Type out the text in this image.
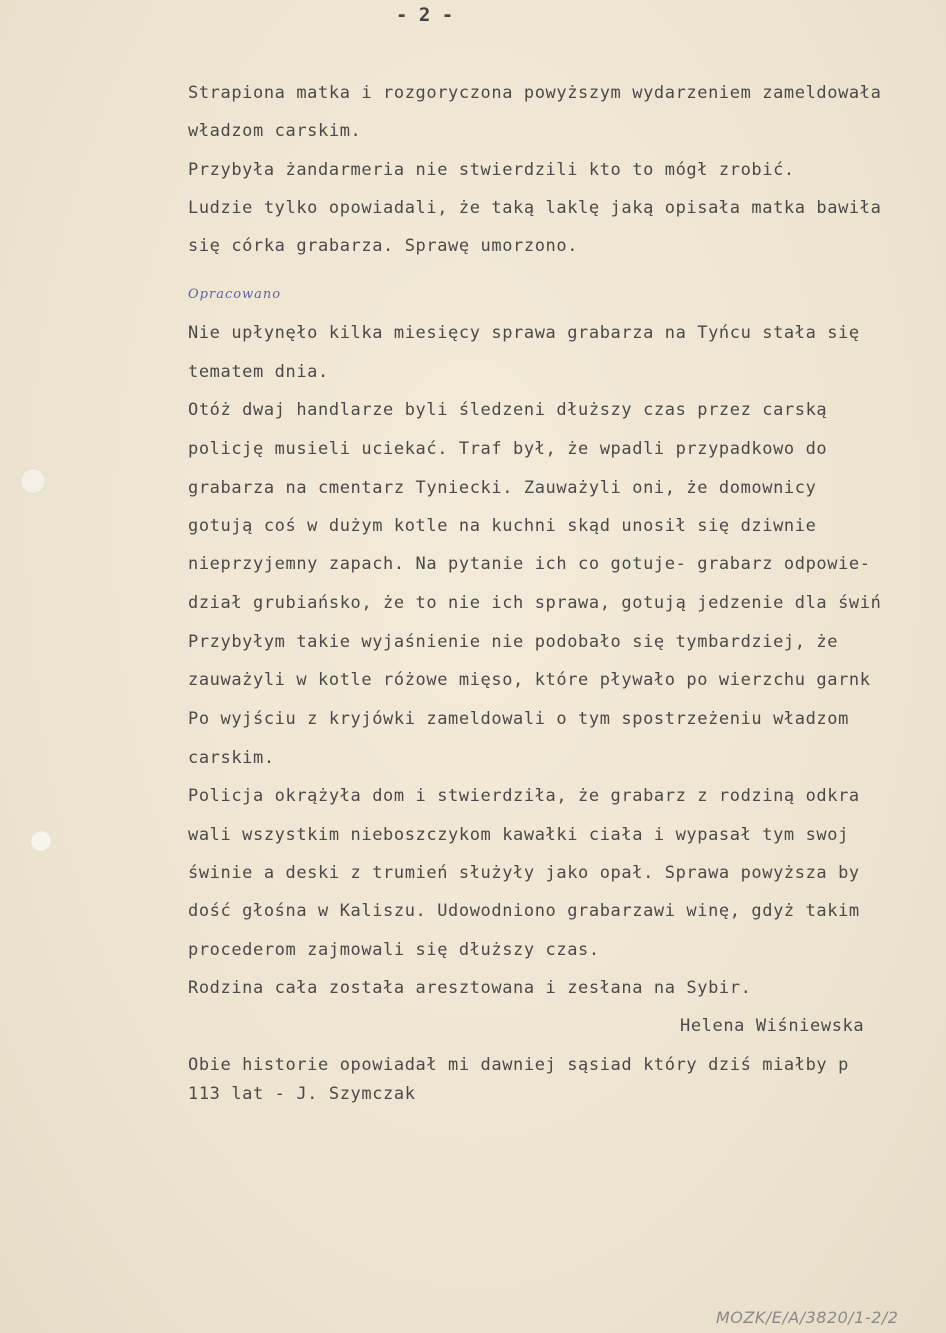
- 2 -
Strapiona matka i rozgoryczona powyższym wydarzeniem zameldowała
władzom carskim.
Przybyła żandarmeria nie stwierdzili kto to mógł zrobić.
Ludzie tylko opowiadali, że taką laklę jaką opisała matka bawiła
się córka grabarza. Sprawę umorzono.
Opracowano
Nie upłynęło kilka miesięcy sprawa grabarza na Tyńcu stała się
tematem dnia.
Otóż dwaj handlarze byli śledzeni dłuższy czas przez carską
policję musieli uciekać. Traf był, że wpadli przypadkowo do
grabarza na cmentarz Tyniecki. Zauważyli oni, że domownicy
gotują coś w dużym kotle na kuchni skąd unosił się dziwnie
nieprzyjemny zapach. Na pytanie ich co gotuje- grabarz odpowie-
dział grubiańsko, że to nie ich sprawa, gotują jedzenie dla świń
Przybyłym takie wyjaśnienie nie podobało się tymbardziej, że
zauważyli w kotle różowe mięso, które pływało po wierzchu garnk
Po wyjściu z kryjówki zameldowali o tym spostrzeżeniu władzom
carskim.
Policja okrążyła dom i stwierdziła, że grabarz z rodziną odkra
wali wszystkim nieboszczykom kawałki ciała i wypasał tym swoj
świnie a deski z trumień służyły jako opał. Sprawa powyższa by
dość głośna w Kaliszu. Udowodniono grabarzawi winę, gdyż takim
procederom zajmowali się dłuższy czas.
Rodzina cała została aresztowana i zesłana na Sybir.
Helena Wiśniewska
Obie historie opowiadał mi dawniej sąsiad który dziś miałby p
113 lat - J. Szymczak
MOZK/E/A/3820/1-2/2
